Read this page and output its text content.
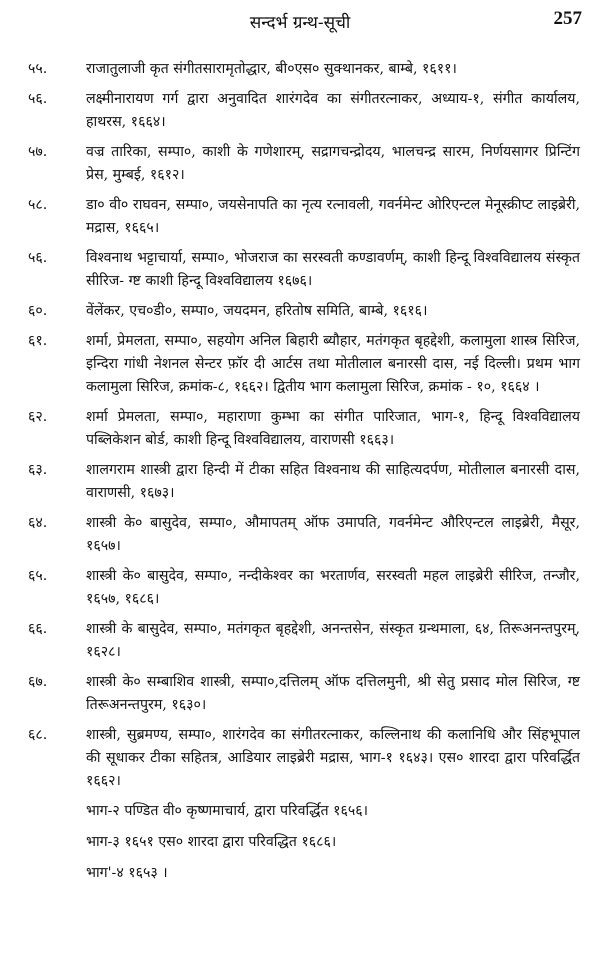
सन्दर्भ ग्रन्थ-सूची	257
५५.	राजातुलाजी कृत संगीतसारामृतोद्धार, बी०एस० सुक्थानकर, बाम्बे, १६११।
५६.	लक्ष्मीनारायण गर्ग द्वारा अनुवादित शारंगदेव का संगीतरत्नाकर, अध्याय-१, संगीत कार्यालय, हाथरस, १६६४।
५७.	वज्र तारिका, सम्पा०, काशी के गणेशारम्, सद्रागचन्द्रोदय, भालचन्द्र सारम, निर्णयसागर प्रिन्टिंग प्रेस, मुम्बई, १६१२।
५८.	डा० वी० राघवन, सम्पा०, जयसेनापति का नृत्य रत्नावली, गवर्नमेन्ट ओरिएन्टल मेनूस्क्रीप्ट लाइब्रेरी, मद्रास, १६६५।
५६.	विश्वनाथ भट्टाचार्या, सम्पा०, भोजराज का सरस्वती कण्डावर्णम्, काशी हिन्दू विश्वविद्यालय संस्कृत सीरिज- ग्ष्ट काशी हिन्दू विश्वविद्यालय १६७६।
६०.	वेंलेंकर, एच०डी०, सम्पा०, जयदमन, हरितोष समिति, बाम्बे, १६१६।
६१.	शर्मा, प्रेमलता, सम्पा०, सहयोग अनिल बिहारी ब्यौहार, मतंगकृत बृहद्देशी, कलामुला शास्त्र सिरिज, इन्दिरा गांधी नेशनल सेन्टर फ़ॉर दी आर्टस तथा मोतीलाल बनारसी दास, नई दिल्ली। प्रथम भाग कलामुला सिरिज, क्रमांक-८, १६६२। द्वितीय भाग कलामुला सिरिज, क्रमांक - १०, १६६४ ।
६२.	शर्मा प्रेमलता, सम्पा०, महाराणा कुम्भा का संगीत पारिजात, भाग-१, हिन्दू विश्वविद्यालय पब्लिकेशन बोर्ड, काशी हिन्दू विश्वविद्यालय, वाराणसी १६६३।
६३.	शालगराम शास्त्री द्वारा हिन्दी में टीका सहित विश्वनाथ की साहित्यदर्पण, मोतीलाल बनारसी दास, वाराणसी, १६७३।
६४.	शास्त्री के० बासुदेव, सम्पा०, औमापतम् ऑफ उमापति, गवर्नमेन्ट औरिएन्टल लाइब्रेरी, मैसूर, १६५७।
६५.	शास्त्री के० बासुदेव, सम्पा०, नन्दीकेश्वर का भरतार्णव, सरस्वती महल लाइब्रेरी सीरिज, तन्जौर, १६५७, १६८६।
६६.	शास्त्री के बासुदेव, सम्पा०, मतंगकृत बृहद्देशी, अनन्तसेन, संस्कृत ग्रन्थमाला, ६४, तिरूअनन्तपुरम्, १६२८।
६७.	शास्त्री के० सम्बाशिव शास्त्री, सम्पा०,दत्तिलम् ऑफ दत्तिलमुनी, श्री सेतु प्रसाद मोल सिरिज, ग्ष्ट तिरूअनन्तपुरम, १६३०।
६८.	शास्त्री, सुब्रमण्य, सम्पा०, शारंगदेव का संगीतरत्नाकर, कल्लिनाथ की कलानिधि और सिंहभूपाल की सूधाकर टीका सहितत्र, आडियार लाइब्रेरी मद्रास, भाग-१ १६४३। एस० शारदा द्वारा परिवर्द्धित १६६२।
भाग-२ पण्डित वी० कृष्णमाचार्य, द्वारा परिवर्द्धित १६५६।
भाग-३ १६५१ एस० शारदा द्वारा परिवद्धित १६८६।
भाग'-४ १६५३ ।
